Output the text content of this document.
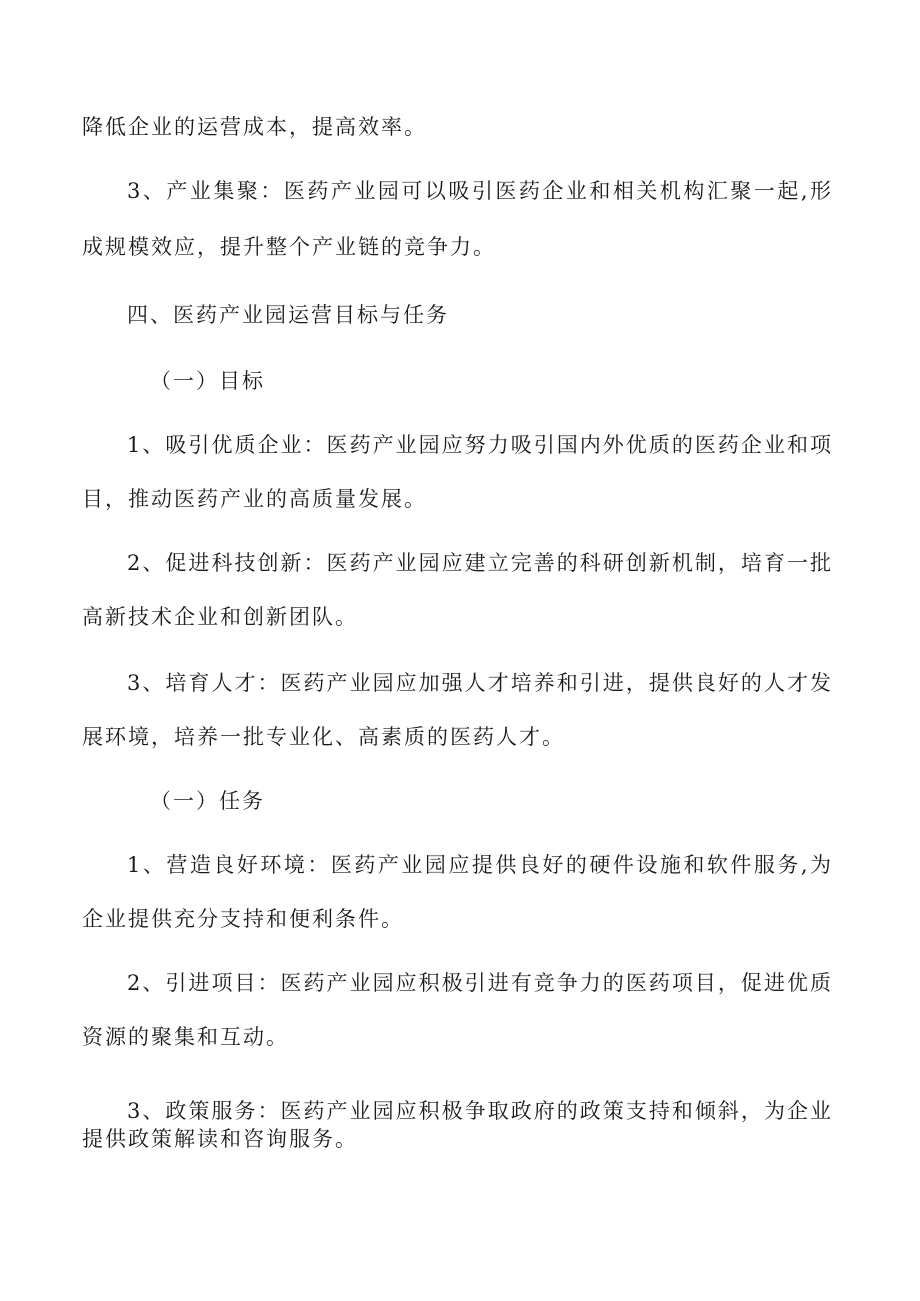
降低企业的运营成本，提高效率。
3、产业集聚：医药产业园可以吸引医药企业和相关机构汇聚一起,形
成规模效应，提升整个产业链的竞争力。
四、医药产业园运营目标与任务
（一）目标
1、吸引优质企业：医药产业园应努力吸引国内外优质的医药企业和项
目，推动医药产业的高质量发展。
2、促进科技创新：医药产业园应建立完善的科研创新机制，培育一批
高新技术企业和创新团队。
3、培育人才：医药产业园应加强人才培养和引进，提供良好的人才发
展环境，培养一批专业化、高素质的医药人才。
（一）任务
1、营造良好环境：医药产业园应提供良好的硬件设施和软件服务,为
企业提供充分支持和便利条件。
2、引进项目：医药产业园应积极引进有竞争力的医药项目，促进优质
资源的聚集和互动。
3、政策服务：医药产业园应积极争取政府的政策支持和倾斜，为企业
提供政策解读和咨询服务。
